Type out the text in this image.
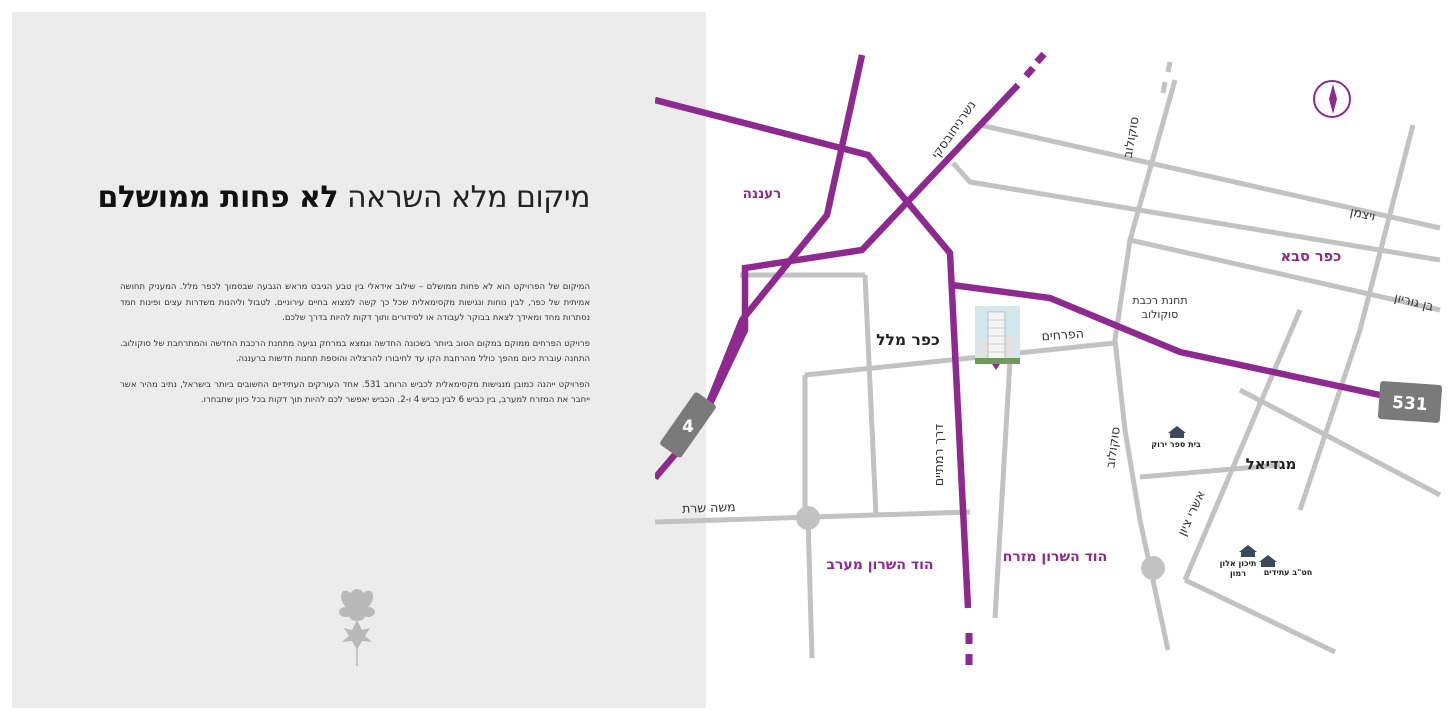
מיקום מלא השראה לא פחות ממושלם

המיקום של הפרויקט הוא לא פחות ממושלם – שילוב אידאלי בין טבע הגיבט מראש הגבעה שבסמוך לכפר מלל. המעניק תחושה אמיתית של כפר, לבין נוחות ונגישות מקסימאלית שכל כך קשה למצוא בחיים עירוניים. לטבול וליהנות משדרות עצים ופינות חמד נסתרות מחד ומאידך לצאת בבוקר לעבודה או לסידורים ותוך דקות להיות בדרך שלכם.

פרויקט הפרחים ממוקם במקום הטוב ביותר בשכונה החדשה ונמצא במרחק נגיעה מתחנת הרכבת החדשה והמתרחבת של סוקולוב. התחנה עוברת כיום מהפך כולל מהרחבת הקו עד לחיבורו להרצליה והוספת תחנות חדשות ברעננה.

הפרויקט ייהנה כמובן מנגישות מקסימאלית לכביש הרוחב 531. אחד העורקים העתידיים החשובים ביותר בישראל, נתיב מהיר אשר ייחבר את המזרח למערב, בין כביש 6 לבין כביש 4 ו-2. הכביש יאפשר לכם להיות תוך דקות בכל כיוון שתבחרו.

4
531
נשרניחובסקי	סוקולוב
ויצמן
בן גוריון
הפרחים
דרך רמתיים
משה שרת
סוקולוב
אשרי ציון
רעננה
כפר סבא
כפר מלל
מגדיאל
הוד השרון מערב	הוד השרון מזרח
תחנת רכבת
סוקולוב
בית ספר ירוק
תיכון אלון
רמון חט"ב עתידים
